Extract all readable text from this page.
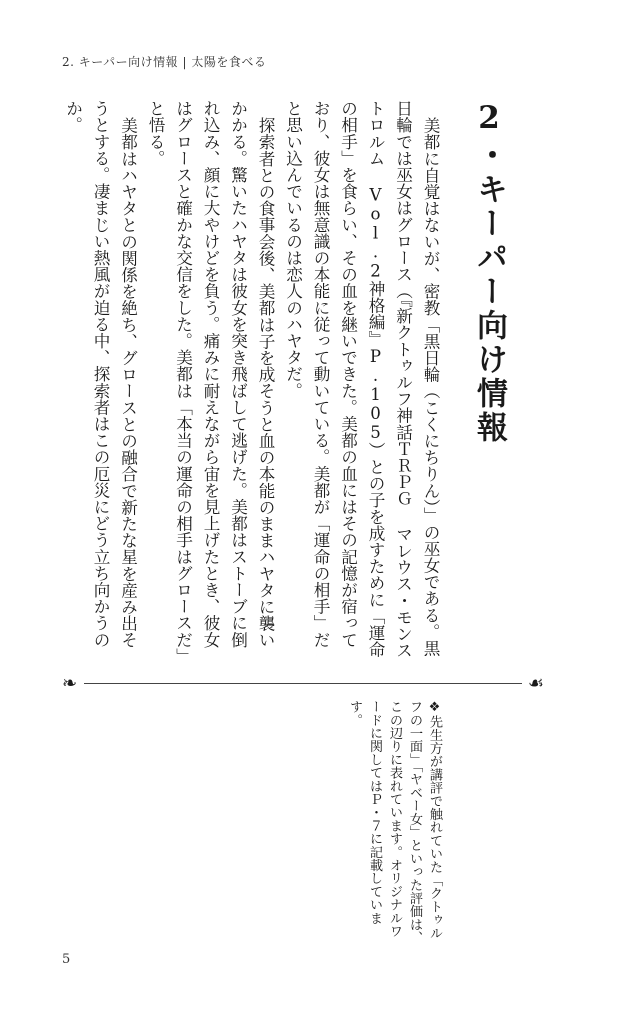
2. キーパー向け情報 | 太陽を食べる
2・キーパー向け情報

美都に自覚はないが、密教「黒日輪（こくにちりん）」の巫女である。黒日輪では巫女はグロース（『新クトゥルフ神話ＴＲＰＧ マレウス・モンストロルム Vol.2神格編』P.105）との子を成すために「運命の相手」を食らい、その血を継いできた。美都の血にはその記憶が宿っており、彼女は無意識の本能に従って動いている。美都が「運命の相手」だと思い込んでいるのは恋人のハヤタだ。

探索者との食事会後、美都は子を成そうと血の本能のままハヤタに襲いかかる。驚いたハヤタは彼女を突き飛ばして逃げた。美都はストーブに倒れ込み、顔に大やけどを負う。痛みに耐えながら宙を見上げたとき、彼女はグロースと確かな交信をした。美都は「本当の運命の相手はグロースだ」と悟る。

美都はハヤタとの関係を絶ち、グロースとの融合で新たな星を産み出そうとする。凄まじい熱風が迫る中、探索者はこの厄災にどう立ち向かうのか。

❧	☙
❖先生方が講評で触れていた「クトゥルフの一面」「ヤベー女」といった評価は、この辺りに表れています。オリジナルワードに関してはＰ・７に記載しています。
5
